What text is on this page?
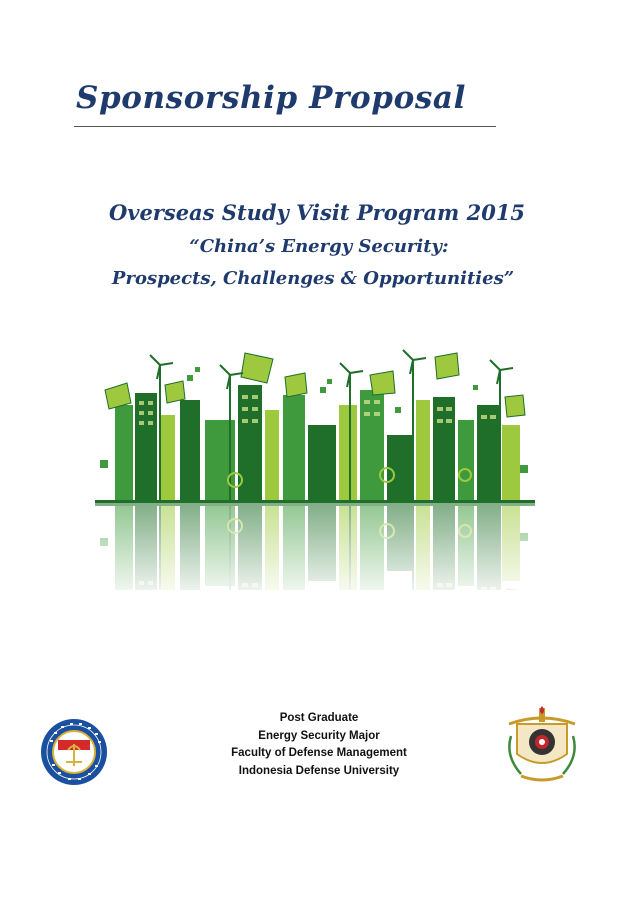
Sponsorship Proposal
Overseas Study Visit Program 2015
“China’s Energy Security:
Prospects, Challenges & Opportunities”
Post Graduate
Energy Security Major
Faculty of Defense Management
Indonesia Defense University
